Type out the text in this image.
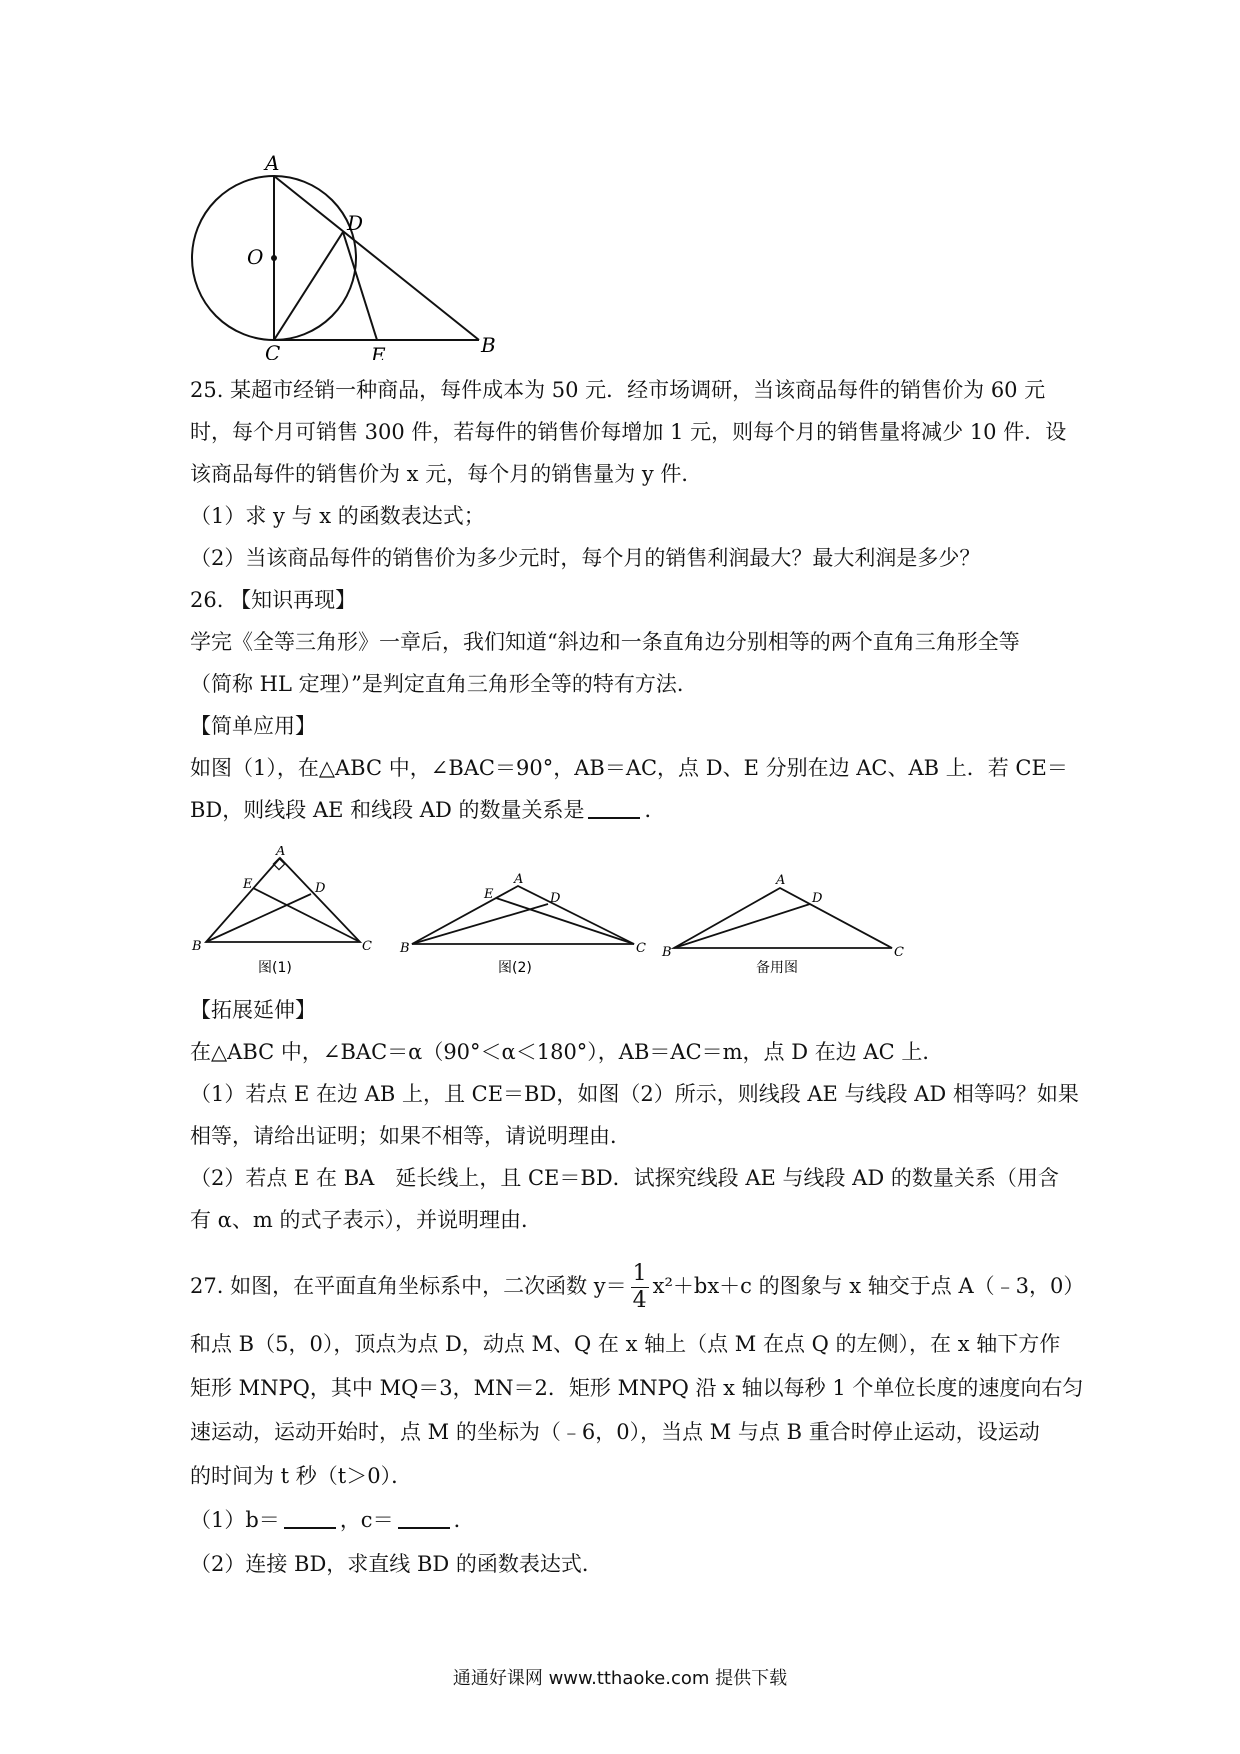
A
O
D
C	E	B
25. 某超市经销一种商品，每件成本为 50 元．经市场调研，当该商品每件的销售价为 60 元
时，每个月可销售 300 件，若每件的销售价每增加 1 元，则每个月的销售量将减少 10 件．设
该商品每件的销售价为 x 元，每个月的销售量为 y 件．
（1）求 y 与 x 的函数表达式；
（2）当该商品每件的销售价为多少元时，每个月的销售利润最大？最大利润是多少？
26. 【知识再现】
学完《全等三角形》一章后，我们知道“斜边和一条直角边分别相等的两个直角三角形全等
（简称 HL 定理）”是判定直角三角形全等的特有方法．
【简单应用】
如图（1），在△ABC 中，∠BAC＝90°，AB＝AC，点 D、E 分别在边 AC、AB 上．若 CE＝
BD，则线段 AE 和线段 AD 的数量关系是	．
A
E	D
B	C
图(1)
A
E	D
B	C
图(2)
A
D
B	C
备用图
【拓展延伸】
在△ABC 中，∠BAC＝α（90°＜α＜180°），AB＝AC＝m，点 D 在边 AC 上．
（1）若点 E 在边 AB 上，且 CE＝BD，如图（2）所示，则线段 AE 与线段 AD 相等吗？如果
相等，请给出证明；如果不相等，请说明理由．
（2）若点 E 在 BA　延长线上，且 CE＝BD．试探究线段 AE 与线段 AD 的数量关系（用含
有 α、m 的式子表示），并说明理由．
27. 如图，在平面直角坐标系中，二次函数 $y= \frac{1}{4} x^2+bx+c$ 的图象与 x 轴交于点 A（﹣3，0）
和点 B（5，0），顶点为点 D，动点 M、Q 在 x 轴上（点 M 在点 Q 的左侧），在 x 轴下方作
矩形 MNPQ，其中 MQ＝3，MN＝2．矩形 MNPQ 沿 x 轴以每秒 1 个单位长度的速度向右匀
速运动，运动开始时，点 M 的坐标为（﹣6，0），当点 M 与点 B 重合时停止运动，设运动
的时间为 t 秒（t＞0）．
（1）b＝	，c＝	．
（2）连接 BD，求直线 BD 的函数表达式．
通通好课网 www.tthaoke.com 提供下载
